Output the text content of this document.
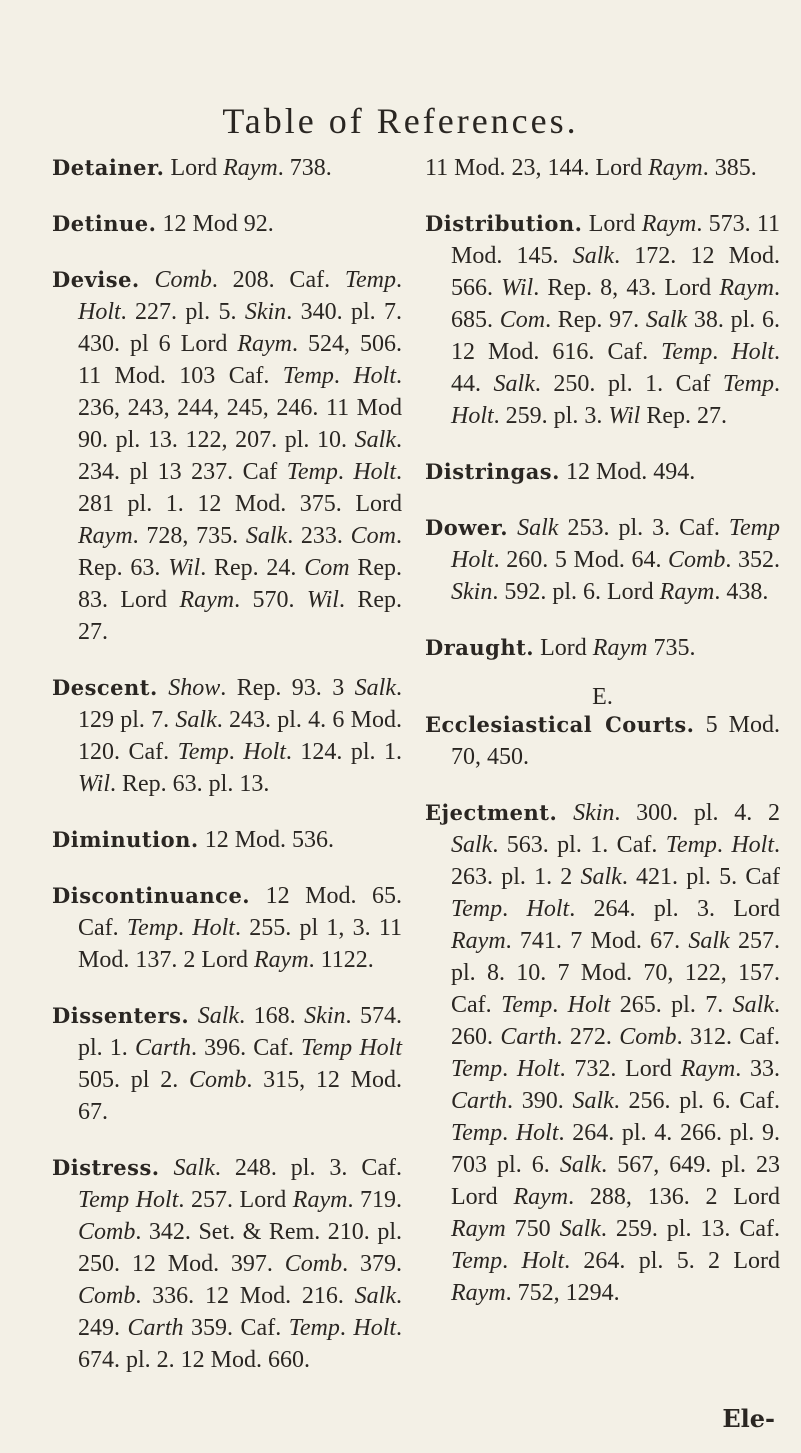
Table of References.
Detainer. Lord Raym. 738.
Detinue. 12 Mod 92.
Devise. Comb. 208. Caf. Temp. Holt. 227. pl. 5. Skin. 340. pl. 7. 430. pl 6 Lord Raym. 524, 506. 11 Mod. 103 Caf. Temp. Holt. 236, 243, 244, 245, 246. 11 Mod 90. pl. 13. 122, 207. pl. 10. Salk. 234. pl 13 237. Caf Temp. Holt. 281 pl. 1. 12 Mod. 375. Lord Raym. 728, 735. Salk. 233. Com. Rep. 63. Wil. Rep. 24. Com Rep. 83. Lord Raym. 570. Wil. Rep. 27.
Descent. Show. Rep. 93. 3 Salk. 129 pl. 7. Salk. 243. pl. 4. 6 Mod. 120. Caf. Temp. Holt. 124. pl. 1. Wil. Rep. 63. pl. 13.
Diminution. 12 Mod. 536.
Discontinuance. 12 Mod. 65. Caf. Temp. Holt. 255. pl 1, 3. 11 Mod. 137. 2 Lord Raym. 1122.
Dissenters. Salk. 168. Skin. 574. pl. 1. Carth. 396. Caf. Temp Holt 505. pl 2. Comb. 315, 12 Mod. 67.
Distress. Salk. 248. pl. 3. Caf. Temp Holt. 257. Lord Raym. 719. Comb. 342. Set. & Rem. 210. pl. 250. 12 Mod. 397. Comb. 379. Comb. 336. 12 Mod. 216. Salk. 249. Carth 359. Caf. Temp. Holt. 674. pl. 2. 12 Mod. 660.
11 Mod. 23, 144. Lord Raym. 385.
Distribution. Lord Raym. 573. 11 Mod. 145. Salk. 172. 12 Mod. 566. Wil. Rep. 8, 43. Lord Raym. 685. Com. Rep. 97. Salk 38. pl. 6. 12 Mod. 616. Caf. Temp. Holt. 44. Salk. 250. pl. 1. Caf Temp. Holt. 259. pl. 3. Wil Rep. 27.
Distringas. 12 Mod. 494.
Dower. Salk 253. pl. 3. Caf. Temp Holt. 260. 5 Mod. 64. Comb. 352. Skin. 592. pl. 6. Lord Raym. 438.
Draught. Lord Raym 735.
E.
Ecclesiastical Courts. 5 Mod. 70, 450.
Ejectment. Skin. 300. pl. 4. 2 Salk. 563. pl. 1. Caf. Temp. Holt. 263. pl. 1. 2 Salk. 421. pl. 5. Caf Temp. Holt. 264. pl. 3. Lord Raym. 741. 7 Mod. 67. Salk 257. pl. 8. 10. 7 Mod. 70, 122, 157. Caf. Temp. Holt 265. pl. 7. Salk. 260. Carth. 272. Comb. 312. Caf. Temp. Holt. 732. Lord Raym. 33. Carth. 390. Salk. 256. pl. 6. Caf. Temp. Holt. 264. pl. 4. 266. pl. 9. 703 pl. 6. Salk. 567, 649. pl. 23 Lord Raym. 288, 136. 2 Lord Raym 750 Salk. 259. pl. 13. Caf. Temp. Holt. 264. pl. 5. 2 Lord Raym. 752, 1294.
Ele-
